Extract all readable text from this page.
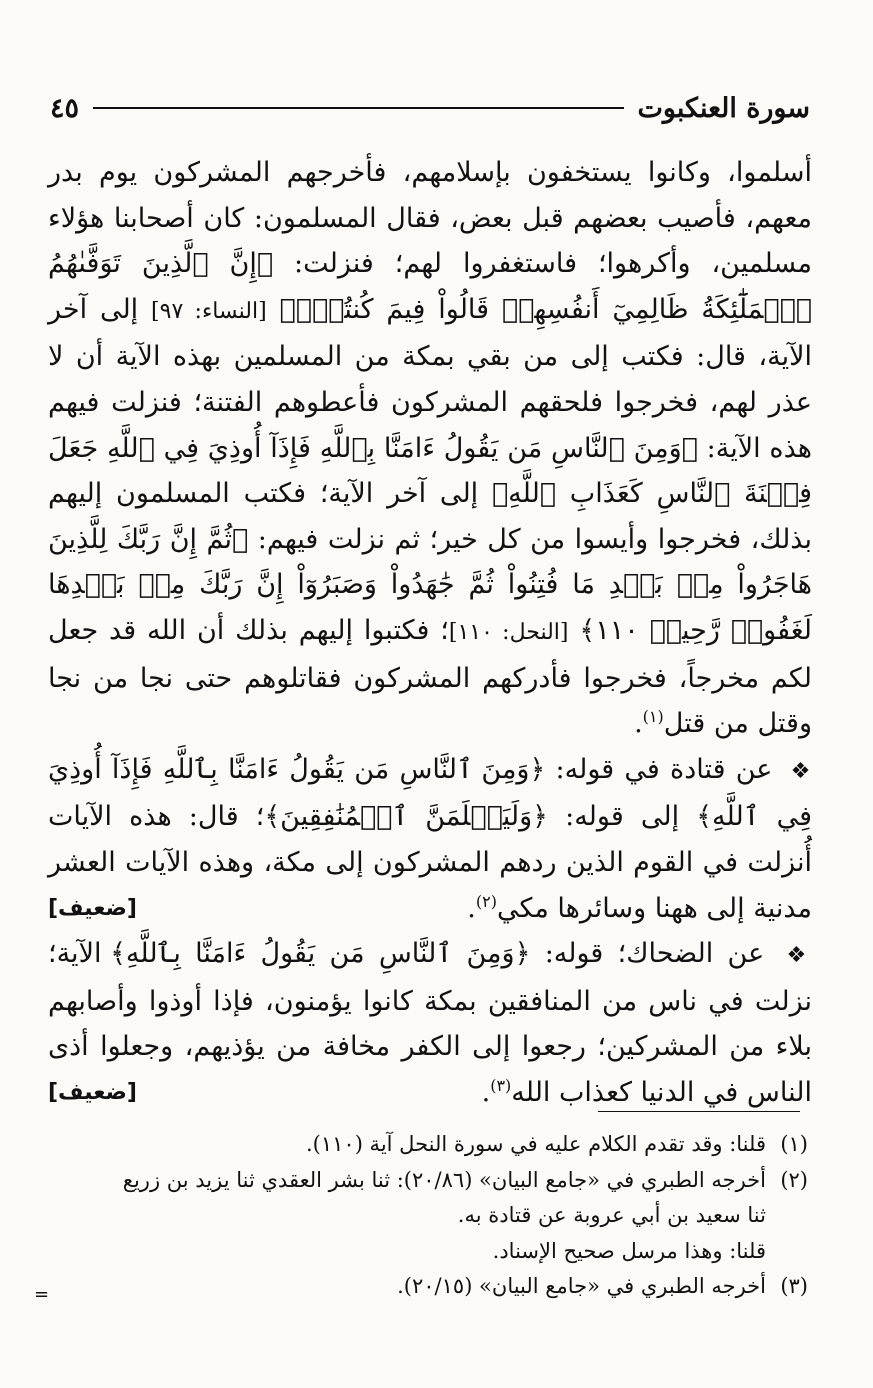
سورة العنكبوت
٤٥

أسلموا، وكانوا يستخفون بإسلامهم، فأخرجهم المشركون يوم بدر معهم، فأصيب بعضهم قبل بعض، فقال المسلمون: كان أصحابنا هؤلاء مسلمين، وأكرهوا؛ فاستغفروا لهم؛ فنزلت: ﴿إِنَّ ٱلَّذِينَ تَوَفَّىٰهُمُ ٱلۡمَلَٰٓئِكَةُ ظَالِمِيٓ أَنفُسِهِمۡ قَالُواْ فِيمَ كُنتُمۡۖ﴾ [النساء: ٩٧] إلى آخر الآية، قال: فكتب إلى من بقي بمكة من المسلمين بهذه الآية أن لا عذر لهم، فخرجوا فلحقهم المشركون فأعطوهم الفتنة؛ فنزلت فيهم هذه الآية: ﴿وَمِنَ ٱلنَّاسِ مَن يَقُولُ ءَامَنَّا بِٱللَّهِ فَإِذَآ أُوذِيَ فِي ٱللَّهِ جَعَلَ فِتۡنَةَ ٱلنَّاسِ كَعَذَابِ ٱللَّهِ﴾ إلى آخر الآية؛ فكتب المسلمون إليهم بذلك، فخرجوا وأيسوا من كل خير؛ ثم نزلت فيهم: ﴿ثُمَّ إِنَّ رَبَّكَ لِلَّذِينَ هَاجَرُواْ مِنۢ بَعۡدِ مَا فُتِنُواْ ثُمَّ جَٰهَدُواْ وَصَبَرُوٓاْ إِنَّ رَبَّكَ مِنۢ بَعۡدِهَا لَغَفُورٞ رَّحِيمٞ ١١٠﴾ [النحل: ١١٠]؛ فكتبوا إليهم بذلك أن الله قد جعل لكم مخرجاً، فخرجوا فأدركهم المشركون فقاتلوهم حتى نجا من نجا وقتل من قتل$^{(١)}$.

❖ عن قتادة في قوله: ﴿وَمِنَ ٱلنَّاسِ مَن يَقُولُ ءَامَنَّا بِٱللَّهِ فَإِذَآ أُوذِيَ فِي ٱللَّهِ﴾ إلى قوله: ﴿وَلَيَعۡلَمَنَّ ٱلۡمُنَٰفِقِينَ﴾؛ قال: هذه الآيات أُنزلت في القوم الذين ردهم المشركون إلى مكة، وهذه الآيات العشر مدنية إلى ههنا وسائرها مكي$^{(٢)}$.
[ضعيف]

❖ عن الضحاك؛ قوله: ﴿وَمِنَ ٱلنَّاسِ مَن يَقُولُ ءَامَنَّا بِٱللَّهِ﴾ الآية؛ نزلت في ناس من المنافقين بمكة كانوا يؤمنون، فإذا أوذوا وأصابهم بلاء من المشركين؛ رجعوا إلى الكفر مخافة من يؤذيهم، وجعلوا أذى الناس في الدنيا كعذاب الله$^{(٣)}$.
[ضعيف]

(١)
قلنا: وقد تقدم الكلام عليه في سورة النحل آية (١١٠).
(٢)
أخرجه الطبري في «جامع البيان» (٢٠/٨٦): ثنا بشر العقدي ثنا يزيد بن زريع
ثنا سعيد بن أبي عروبة عن قتادة به.
قلنا: وهذا مرسل صحيح الإسناد.
(٣)
أخرجه الطبري في «جامع البيان» (٢٠/١٥).
=
